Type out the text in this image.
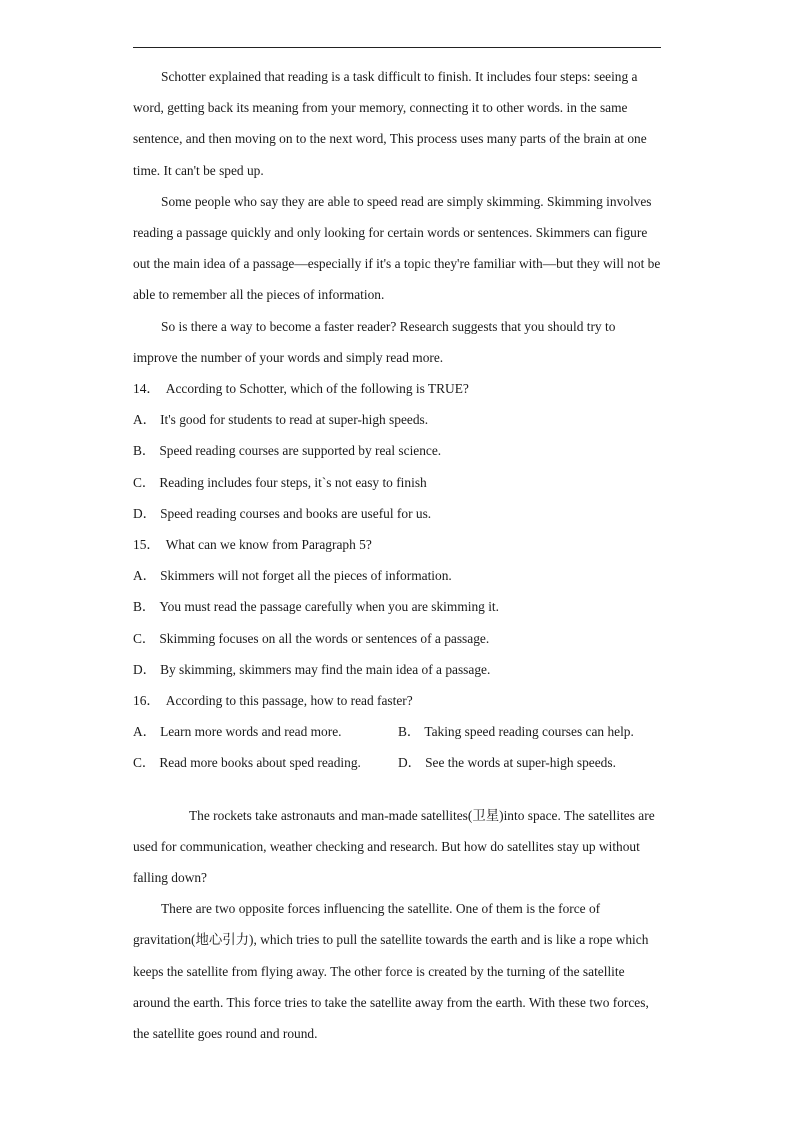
Schotter explained that reading is a task difficult to finish. It includes four steps: seeing a word, getting back its meaning from your memory, connecting it to other words. in the same sentence, and then moving on to the next word, This process uses many parts of the brain at one time. It can't be sped up.

Some people who say they are able to speed read are simply skimming. Skimming involves reading a passage quickly and only looking for certain words or sentences. Skimmers can figure out the main idea of a passage—especially if it's a topic they're familiar with—but they will not be able to remember all the pieces of information.

So is there a way to become a faster reader? Research suggests that you should try to improve the number of your words and simply read more.

14． According to Schotter, which of the following is TRUE?

A． It's good for students to read at super-high speeds.

B． Speed reading courses are supported by real science.

C． Reading includes four steps, it`s not easy to finish

D． Speed reading courses and books are useful for us.

15． What can we know from Paragraph 5?

A． Skimmers will not forget all the pieces of information.

B． You must read the passage carefully when you are skimming it.

C． Skimming focuses on all the words or sentences of a passage.

D． By skimming, skimmers may find the main idea of a passage.

16． According to this passage, how to read faster?

A． Learn more words and read more.	B． Taking speed reading courses can help.
C． Read more books about sped reading.	D． See the words at super-high speeds.

The rockets take astronauts and man-made satellites(卫星)into space. The satellites are used for communication, weather checking and research. But how do satellites stay up without falling down?

There are two opposite forces influencing the satellite. One of them is the force of gravitation(地心引力), which tries to pull the satellite towards the earth and is like a rope which keeps the satellite from flying away. The other force is created by the turning of the satellite around the earth. This force tries to take the satellite away from the earth. With these two forces, the satellite goes round and round.
